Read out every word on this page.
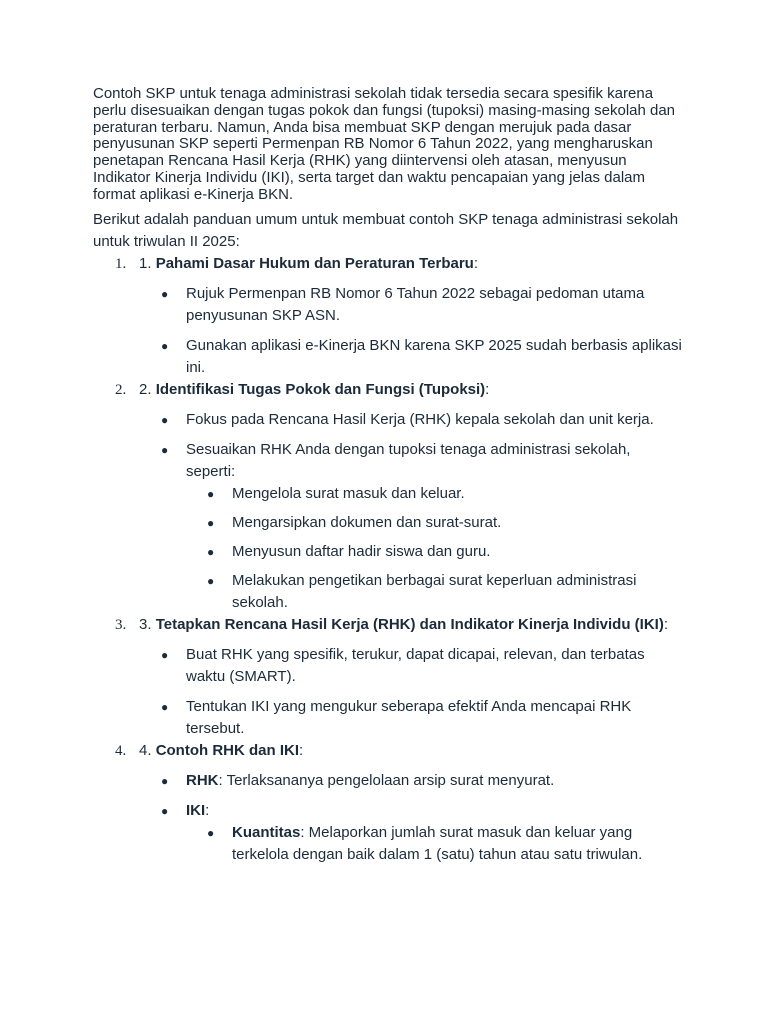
Contoh SKP untuk tenaga administrasi sekolah tidak tersedia secara spesifik karena perlu disesuaikan dengan tugas pokok dan fungsi (tupoksi) masing-masing sekolah dan peraturan terbaru. Namun, Anda bisa membuat SKP dengan merujuk pada dasar penyusunan SKP seperti Permenpan RB Nomor 6 Tahun 2022, yang mengharuskan penetapan Rencana Hasil Kerja (RHK) yang diintervensi oleh atasan, menyusun Indikator Kinerja Individu (IKI), serta target dan waktu pencapaian yang jelas dalam format aplikasi e-Kinerja BKN.

Berikut adalah panduan umum untuk membuat contoh SKP tenaga administrasi sekolah untuk triwulan II 2025:

1. 1. Pahami Dasar Hukum dan Peraturan Terbaru:
● Rujuk Permenpan RB Nomor 6 Tahun 2022 sebagai pedoman utama penyusunan SKP ASN.
● Gunakan aplikasi e-Kinerja BKN karena SKP 2025 sudah berbasis aplikasi ini.
2. 2. Identifikasi Tugas Pokok dan Fungsi (Tupoksi):
● Fokus pada Rencana Hasil Kerja (RHK) kepala sekolah dan unit kerja.
● Sesuaikan RHK Anda dengan tupoksi tenaga administrasi sekolah, seperti:
● Mengelola surat masuk dan keluar.
● Mengarsipkan dokumen dan surat-surat.
● Menyusun daftar hadir siswa dan guru.
● Melakukan pengetikan berbagai surat keperluan administrasi sekolah.
3. 3. Tetapkan Rencana Hasil Kerja (RHK) dan Indikator Kinerja Individu (IKI):
● Buat RHK yang spesifik, terukur, dapat dicapai, relevan, dan terbatas waktu (SMART).
● Tentukan IKI yang mengukur seberapa efektif Anda mencapai RHK tersebut.
4. 4. Contoh RHK dan IKI:
● RHK: Terlaksananya pengelolaan arsip surat menyurat.
● IKI:
● Kuantitas: Melaporkan jumlah surat masuk dan keluar yang terkelola dengan baik dalam 1 (satu) tahun atau satu triwulan.
